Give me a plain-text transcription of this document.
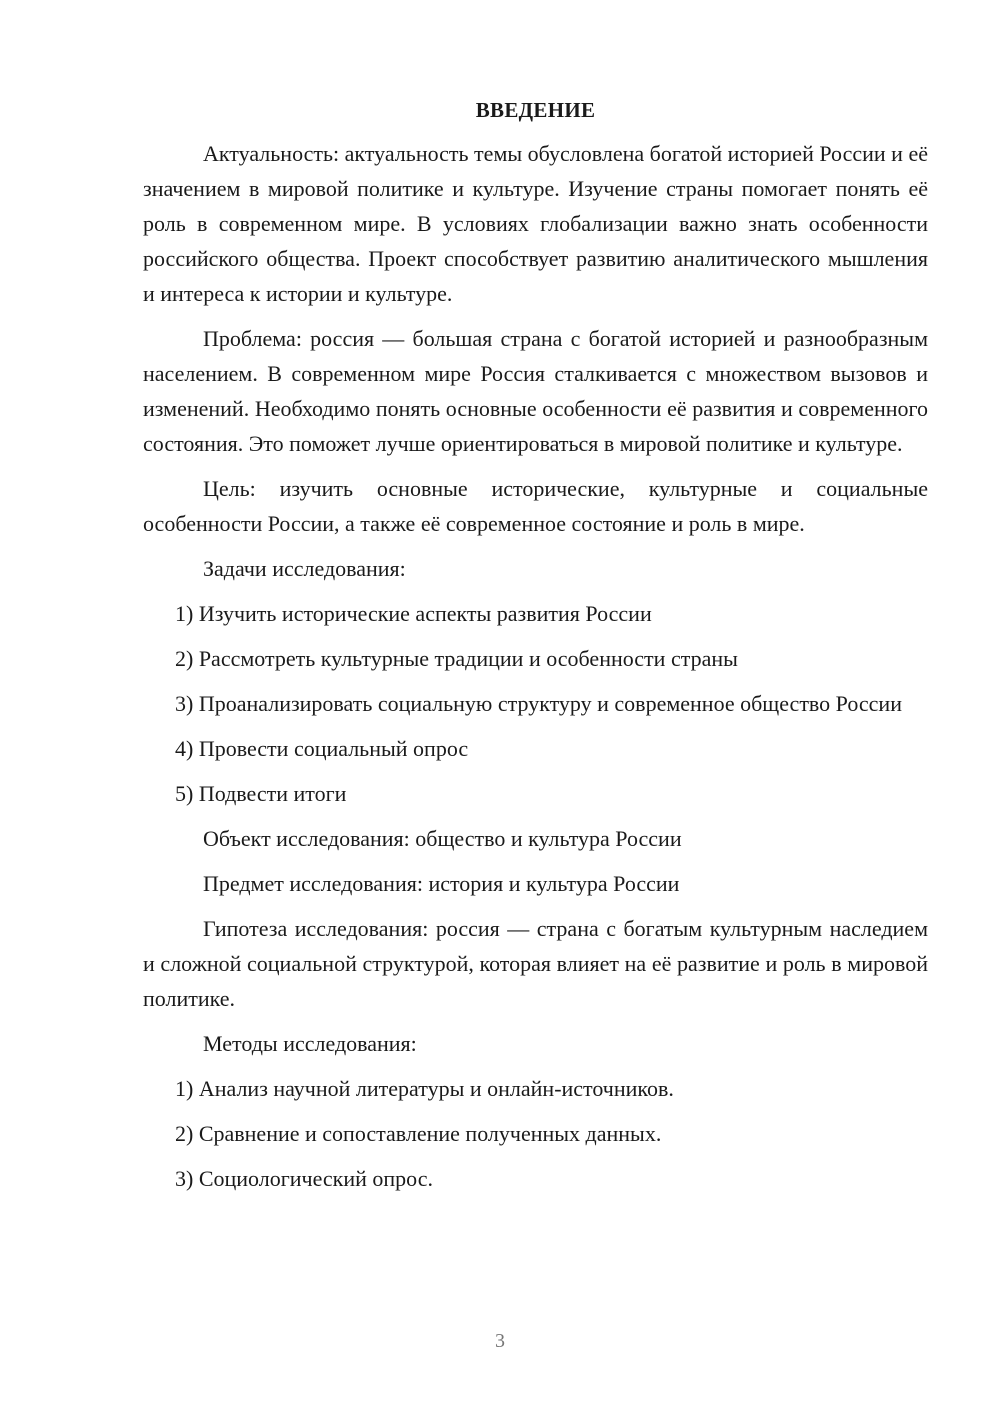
ВВЕДЕНИЕ

Актуальность: актуальность темы обусловлена богатой историей России и её значением в мировой политике и культуре. Изучение страны помогает понять её роль в современном мире. В условиях глобализации важно знать особенности российского общества. Проект способствует развитию аналитического мышления и интереса к истории и культуре.

Проблема: россия — большая страна с богатой историей и разнообразным населением. В современном мире Россия сталкивается с множеством вызовов и изменений. Необходимо понять основные особенности её развития и современного состояния. Это поможет лучше ориентироваться в мировой политике и культуре.

Цель: изучить основные исторические, культурные и социальные особенности России, а также её современное состояние и роль в мире.

Задачи исследования:

1) Изучить исторические аспекты развития России

2) Рассмотреть культурные традиции и особенности страны

3) Проанализировать социальную структуру и современное общество России

4) Провести социальный опрос

5) Подвести итоги

Объект исследования: общество и культура России

Предмет исследования: история и культура России

Гипотеза исследования: россия — страна с богатым культурным наследием и сложной социальной структурой, которая влияет на её развитие и роль в мировой политике.

Методы исследования:

1) Анализ научной литературы и онлайн-источников.

2) Сравнение и сопоставление полученных данных.

3) Социологический опрос.

3
